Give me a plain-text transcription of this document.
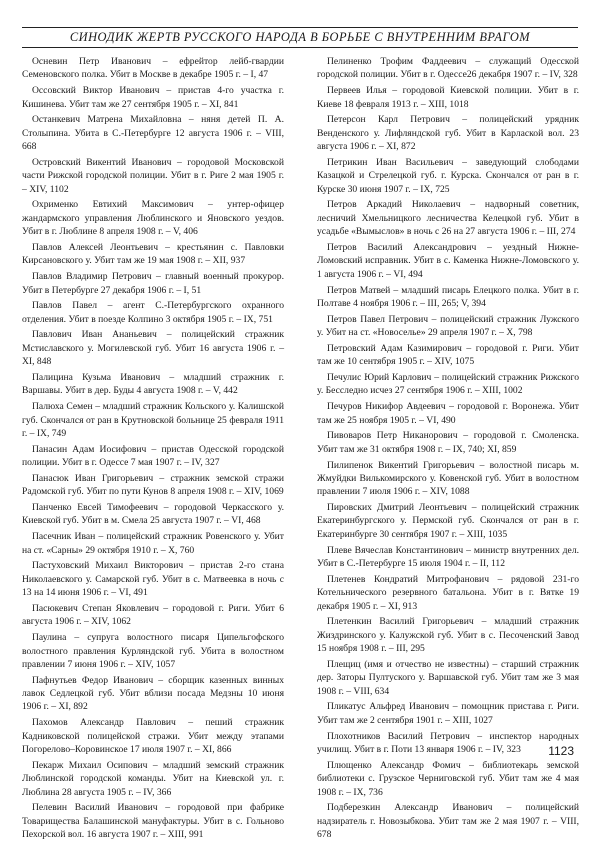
СИНОДИК ЖЕРТВ РУССКОГО НАРОДА В БОРЬБЕ С ВНУТРЕННИМ ВРАГОМ

Осневин Петр Иванович – ефрейтор лейб-гвардии Семеновского полка. Убит в Москве в декабре 1905 г. – I, 47

Оссовский Виктор Иванович – пристав 4-го участка г. Кишинева. Убит там же 27 сентября 1905 г. – XI, 841

Останкевич Матрена Михайловна – няня детей П. А. Столыпина. Убита в С.-Петербурге 12 августа 1906 г. – VIII, 668

Островский Викентий Иванович – городовой Московской части Рижской городской полиции. Убит в г. Риге 2 мая 1905 г. – XIV, 1102

Охрименко Евтихий Максимович – унтер-офицер жандармского управления Люблинского и Яновского уездов. Убит в г. Люблине 8 апреля 1908 г. – V, 406

Павлов Алексей Леонтьевич – крестьянин с. Павловки Кирсановского у. Убит там же 19 мая 1908 г. – XII, 937

Павлов Владимир Петрович – главный военный прокурор. Убит в Петербурге 27 декабря 1906 г. – I, 51

Павлов Павел – агент С.-Петербургского охранного отделения. Убит в поезде Колпино 3 октября 1905 г. – IX, 751

Павлович Иван Ананьевич – полицейский стражник Мстиславского у. Могилевской губ. Убит 16 августа 1906 г. – XI, 848

Палицина Кузьма Иванович – младший стражник г. Варшавы. Убит в дер. Буды 4 августа 1908 г. – V, 442

Палюха Семен – младший стражник Кольского у. Калишской губ. Скончался от ран в Крутновской больнице 25 февраля 1911 г. – IX, 749

Панасин Адам Иосифович – пристав Одесской городской полиции. Убит в г. Одессе 7 мая 1907 г. – IV, 327

Панасюк Иван Григорьевич – стражник земской стражи Радомской губ. Убит по пути Кунов 8 апреля 1908 г. – XIV, 1069

Панченко Евсей Тимофеевич – городовой Черкасского у. Киевской губ. Убит в м. Смела 25 августа 1907 г. – VI, 468

Пасечник Иван – полицейский стражник Ровенского у. Убит на ст. «Сарны» 29 октября 1910 г. – X, 760

Пастуховский Михаил Викторович – пристав 2-го стана Николаевского у. Самарской губ. Убит в с. Матвеевка в ночь с 13 на 14 июня 1906 г. – VI, 491

Пасюкевич Степан Яковлевич – городовой г. Риги. Убит 6 августа 1906 г. – XIV, 1062

Паулина – супруга волостного писаря Ципельгофского волостного правления Курляндской губ. Убита в волостном правлении 7 июня 1906 г. – XIV, 1057

Пафнутьев Федор Иванович – сборщик казенных винных лавок Седлецкой губ. Убит вблизи посада Медзны 10 июня 1906 г. – XI, 892

Пахомов Александр Павлович – пеший стражник Кадниковской полицейской стражи. Убит между этапами Погорелово–Коровинское 17 июля 1907 г. – XI, 866

Пекарж Михаил Осипович – младший земский стражник Люблинской городской команды. Убит на Киевской ул. г. Люблина 28 августа 1905 г. – IV, 366

Пелевин Василий Иванович – городовой при фабрике Товарищества Балашинской мануфактуры. Убит в с. Гольново Пехорской вол. 16 августа 1907 г. – XIII, 991

Пелиненко Трофим Фаддеевич – служащий Одесской городской полиции. Убит в г. Одессе26 декабря 1907 г. – IV, 328

Первеев Илья – городовой Киевской полиции. Убит в г. Киеве 18 февраля 1913 г. – XIII, 1018

Петерсон Карл Петрович – полицейский урядник Венденского у. Лифляндской губ. Убит в Карлаской вол. 23 августа 1906 г. – XI, 872

Петрикин Иван Васильевич – заведующий слободами Казацкой и Стрелецкой губ. г. Курска. Скончался от ран в г. Курске 30 июня 1907 г. – IX, 725

Петров Аркадий Николаевич – надворный советник, лесничий Хмельницкого лесничества Келецкой губ. Убит в усадьбе «Вымыслов» в ночь с 26 на 27 августа 1906 г. – III, 274

Петров Василий Александрович – уездный Нижне-Ломовский исправник. Убит в с. Каменка Нижне-Ломовского у. 1 августа 1906 г. – VI, 494

Петров Матвей – младший писарь Елецкого полка. Убит в г. Полтаве 4 ноября 1906 г. – III, 265; V, 394

Петров Павел Петрович – полицейский стражник Лужского у. Убит на ст. «Новоселье» 29 апреля 1907 г. – X, 798

Петровский Адам Казимирович – городовой г. Риги. Убит там же 10 сентября 1905 г. – XIV, 1075

Печулис Юрий Карлович – полицейский стражник Рижского у. Бесследно исчез 27 сентября 1906 г. – XIII, 1002

Печуров Никифор Авдеевич – городовой г. Воронежа. Убит там же 25 ноября 1905 г. – VI, 490

Пивоваров Петр Никанорович – городовой г. Смоленска. Убит там же 31 октября 1908 г. – IX, 740; XI, 859

Пилипенок Викентий Григорьевич – волостной писарь м. Жмуйдки Вилькомирского у. Ковенской губ. Убит в волостном правлении 7 июля 1906 г. – XIV, 1088

Пировских Дмитрий Леонтьевич – полицейский стражник Екатеринбургского у. Пермской губ. Скончался от ран в г. Екатеринбурге 30 сентября 1907 г. – XIII, 1035

Плеве Вячеслав Константинович – министр внутренних дел. Убит в С.-Петербурге 15 июля 1904 г. – II, 112

Плетенев Кондратий Митрофанович – рядовой 231-го Котельнического резервного батальона. Убит в г. Вятке 19 декабря 1905 г. – XI, 913

Плетенкин Василий Григорьевич – младший стражник Жиздринского у. Калужской губ. Убит в с. Песоченский Завод 15 ноября 1908 г. – III, 295

Плещиц (имя и отчество не известны) – старший стражник дер. Заторы Пултуского у. Варшавской губ. Убит там же 3 мая 1908 г. – VIII, 634

Пликатус Альфред Иванович – помощник пристава г. Риги. Убит там же 2 сентября 1901 г. – XIII, 1027

Плохотников Василий Петрович – инспектор народных училищ. Убит в г. Поти 13 января 1906 г. – IV, 323

Плющенко Александр Фомич – библиотекарь земской библиотеки с. Грузское Черниговской губ. Убит там же 4 мая 1908 г. – IX, 736

Подберезкин Александр Иванович – полицейский надзиратель г. Новозыбкова. Убит там же 2 мая 1907 г. – VIII, 678

1123
